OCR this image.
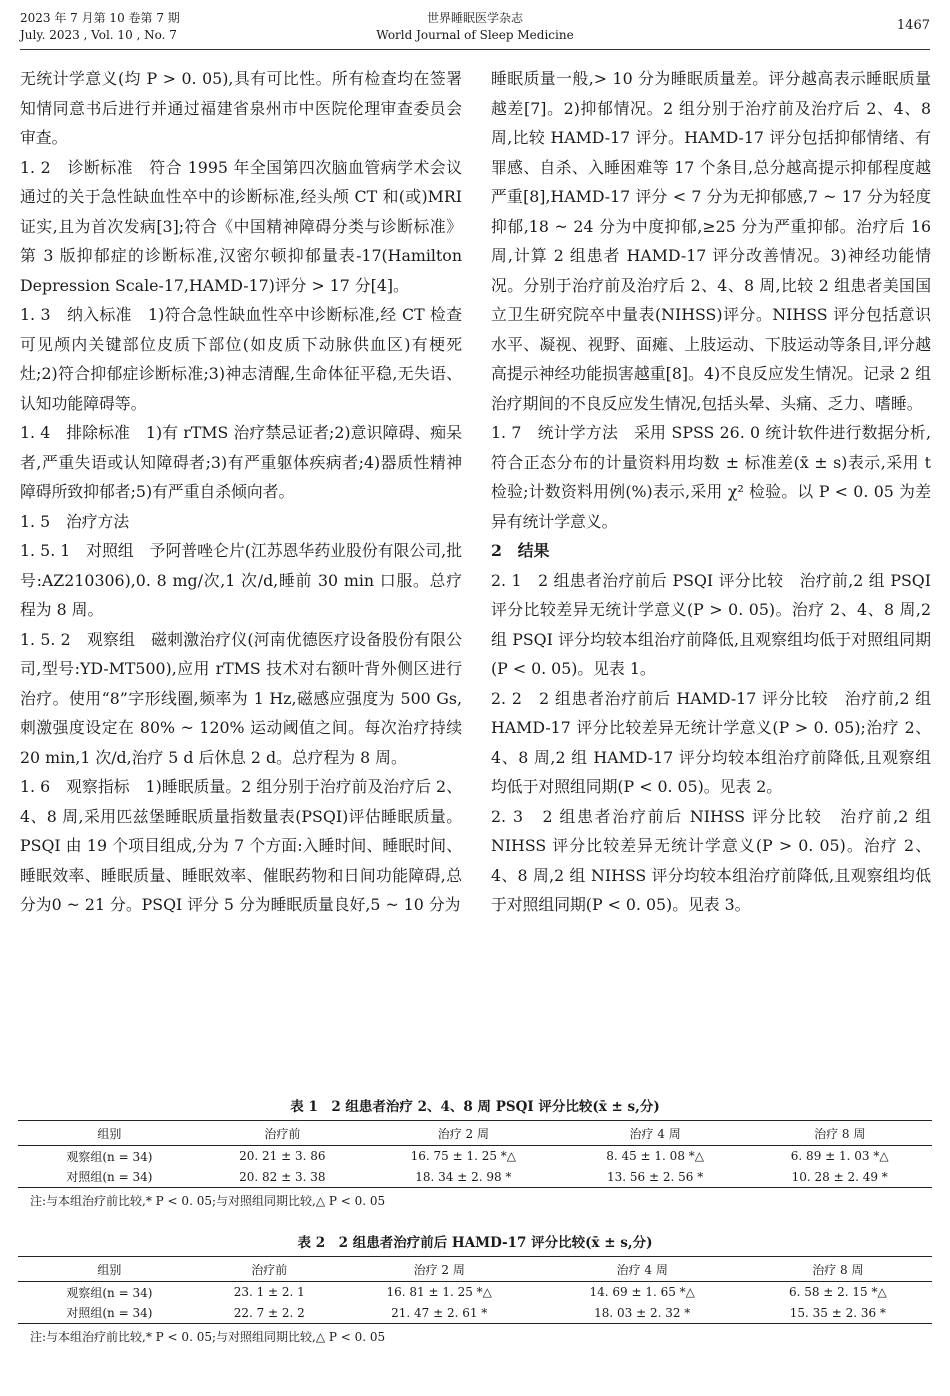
2023 年 7 月第 10 卷第 7 期
July. 2023 , Vol. 10 , No. 7
世界睡眠医学杂志
World Journal of Sleep Medicine
1467

无统计学意义(均 P > 0. 05),具有可比性。所有检查均在签署知情同意书后进行并通过福建省泉州市中医院伦理审查委员会审查。

1. 2　诊断标准　符合 1995 年全国第四次脑血管病学术会议通过的关于急性缺血性卒中的诊断标准,经头颅 CT 和(或)MRI 证实,且为首次发病[3];符合《中国精神障碍分类与诊断标准》第 3 版抑郁症的诊断标准,汉密尔顿抑郁量表-17(Hamilton Depression Scale-17,HAMD-17)评分 > 17 分[4]。

1. 3　纳入标准　1)符合急性缺血性卒中诊断标准,经 CT 检查可见颅内关键部位皮质下部位(如皮质下动脉供血区)有梗死灶;2)符合抑郁症诊断标准;3)神志清醒,生命体征平稳,无失语、认知功能障碍等。

1. 4　排除标准　1)有 rTMS 治疗禁忌证者;2)意识障碍、痴呆者,严重失语或认知障碍者;3)有严重躯体疾病者;4)器质性精神障碍所致抑郁者;5)有严重自杀倾向者。

1. 5　治疗方法

1. 5. 1　对照组　予阿普唑仑片(江苏恩华药业股份有限公司,批号:AZ210306),0. 8 mg/次,1 次/d,睡前 30 min 口服。总疗程为 8 周。

1. 5. 2　观察组　磁刺激治疗仪(河南优德医疗设备股份有限公司,型号:YD-MT500),应用 rTMS 技术对右额叶背外侧区进行治疗。使用“8”字形线圈,频率为 1 Hz,磁感应强度为 500 Gs,刺激强度设定在 80% ~ 120% 运动阈值之间。每次治疗持续 20 min,1 次/d,治疗 5 d 后休息 2 d。总疗程为 8 周。

1. 6　观察指标　1)睡眠质量。2 组分别于治疗前及治疗后 2、4、8 周,采用匹兹堡睡眠质量指数量表(PSQI)评估睡眠质量。PSQI 由 19 个项目组成,分为 7 个方面:入睡时间、睡眠时间、睡眠效率、睡眠质量、睡眠效率、催眠药物和日间功能障碍,总分为0 ~ 21 分。PSQI 评分 5 分为睡眠质量良好,5 ~ 10 分为

睡眠质量一般,> 10 分为睡眠质量差。评分越高表示睡眠质量越差[7]。2)抑郁情况。2 组分别于治疗前及治疗后 2、4、8 周,比较 HAMD-17 评分。HAMD-17 评分包括抑郁情绪、有罪感、自杀、入睡困难等 17 个条目,总分越高提示抑郁程度越严重[8],HAMD-17 评分 < 7 分为无抑郁感,7 ~ 17 分为轻度抑郁,18 ~ 24 分为中度抑郁,≥25 分为严重抑郁。治疗后 16 周,计算 2 组患者 HAMD-17 评分改善情况。3)神经功能情况。分别于治疗前及治疗后 2、4、8 周,比较 2 组患者美国国立卫生研究院卒中量表(NIHSS)评分。NIHSS 评分包括意识水平、凝视、视野、面瘫、上肢运动、下肢运动等条目,评分越高提示神经功能损害越重[8]。4)不良反应发生情况。记录 2 组治疗期间的不良反应发生情况,包括头晕、头痛、乏力、嗜睡。

1. 7　统计学方法　采用 SPSS 26. 0 统计软件进行数据分析,符合正态分布的计量资料用均数 ± 标准差(x̄ ± s)表示,采用 t 检验;计数资料用例(%)表示,采用 χ² 检验。以 P < 0. 05 为差异有统计学意义。

2　结果

2. 1　2 组患者治疗前后 PSQI 评分比较　治疗前,2 组 PSQI 评分比较差异无统计学意义(P > 0. 05)。治疗 2、4、8 周,2 组 PSQI 评分均较本组治疗前降低,且观察组均低于对照组同期(P < 0. 05)。见表 1。

2. 2　2 组患者治疗前后 HAMD-17 评分比较　治疗前,2 组 HAMD-17 评分比较差异无统计学意义(P > 0. 05);治疗 2、4、8 周,2 组 HAMD-17 评分均较本组治疗前降低,且观察组均低于对照组同期(P < 0. 05)。见表 2。

2. 3　2 组患者治疗前后 NIHSS 评分比较　治疗前,2 组 NIHSS 评分比较差异无统计学意义(P > 0. 05)。治疗 2、4、8 周,2 组 NIHSS 评分均较本组治疗前降低,且观察组均低于对照组同期(P < 0. 05)。见表 3。

表 1　2 组患者治疗 2、4、8 周 PSQI 评分比较(x̄ ± s,分)
组别	治疗前	治疗 2 周	治疗 4 周	治疗 8 周
观察组(n = 34)	20. 21 ± 3. 86	16. 75 ± 1. 25 *△	8. 45 ± 1. 08 *△	6. 89 ± 1. 03 *△
对照组(n = 34)	20. 82 ± 3. 38	18. 34 ± 2. 98 *	13. 56 ± 2. 56 *	10. 28 ± 2. 49 *
注:与本组治疗前比较,* P < 0. 05;与对照组同期比较,△ P < 0. 05
表 2　2 组患者治疗前后 HAMD-17 评分比较(x̄ ± s,分)
组别	治疗前	治疗 2 周	治疗 4 周	治疗 8 周
观察组(n = 34)	23. 1 ± 2. 1	16. 81 ± 1. 25 *△	14. 69 ± 1. 65 *△	6. 58 ± 2. 15 *△
对照组(n = 34)	22. 7 ± 2. 2	21. 47 ± 2. 61 *	18. 03 ± 2. 32 *	15. 35 ± 2. 36 *
注:与本组治疗前比较,* P < 0. 05;与对照组同期比较,△ P < 0. 05
